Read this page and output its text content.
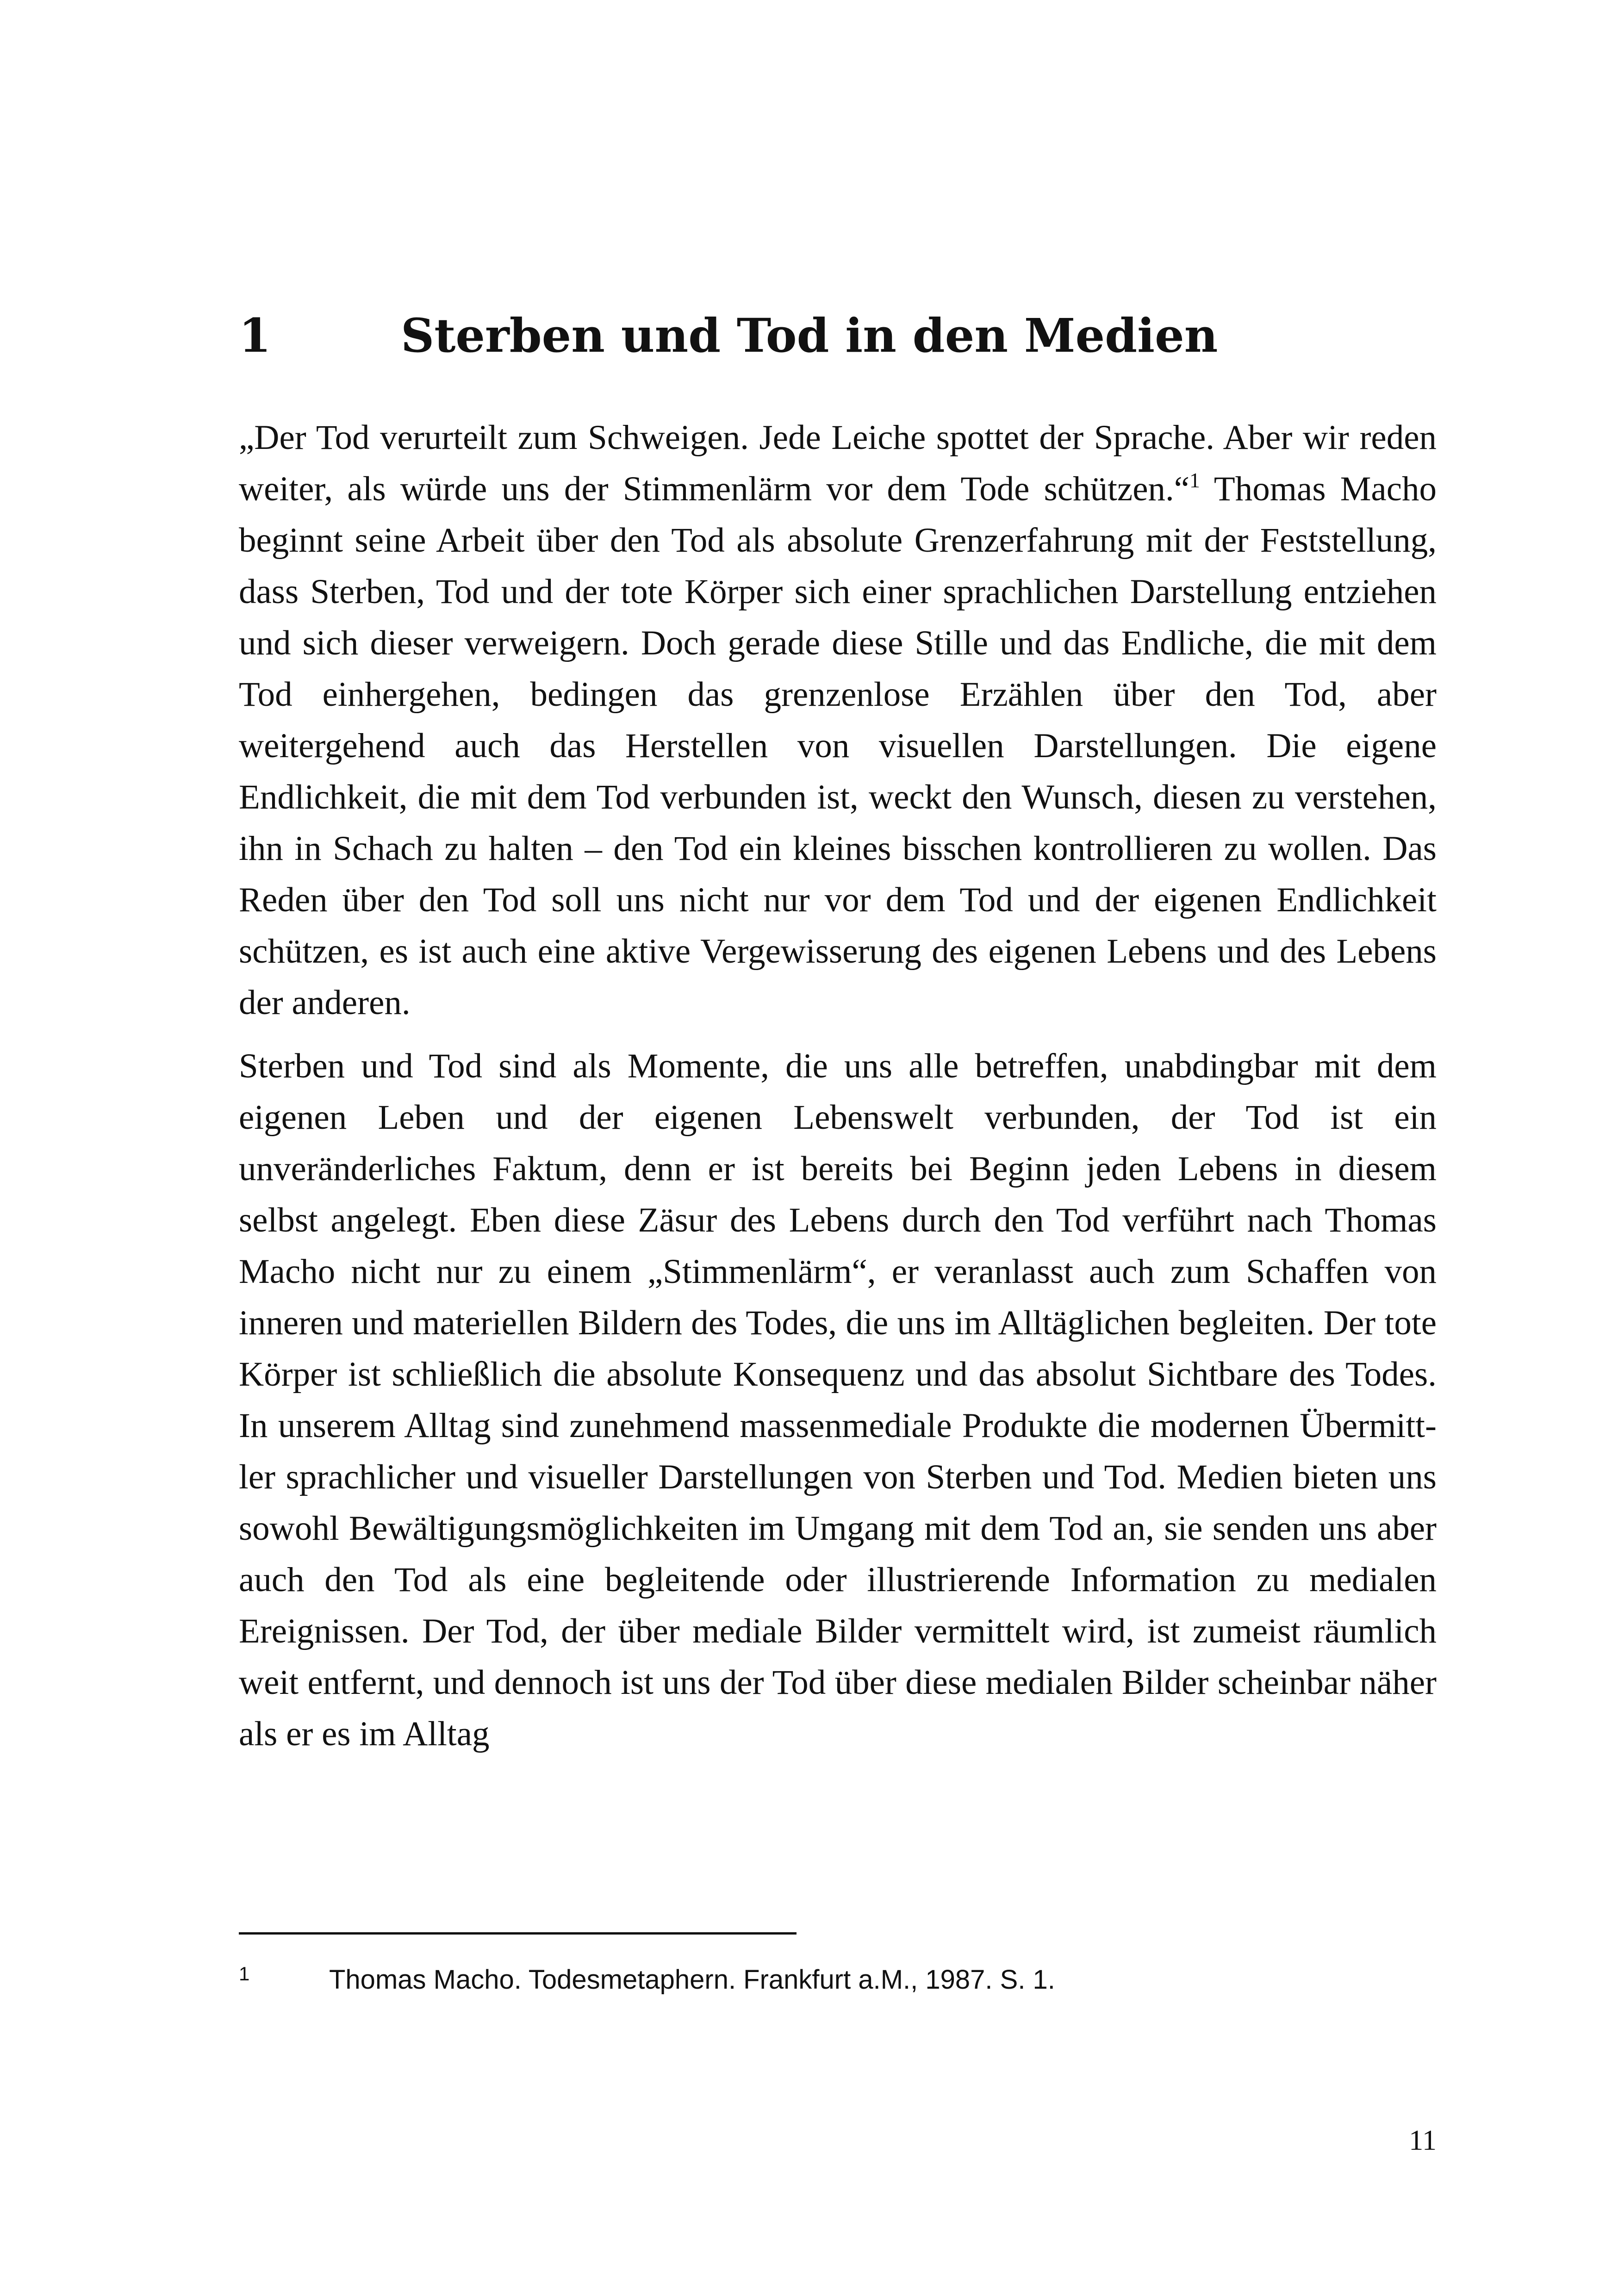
1	Sterben und Tod in den Medien

„Der Tod verurteilt zum Schweigen. Jede Leiche spottet der Sprache. Aber wir reden weiter, als würde uns der Stimmenlärm vor dem Tode schützen.“$^1$ Thomas Macho beginnt seine Arbeit über den Tod als absolute Grenzerfahrung mit der Feststellung, dass Sterben, Tod und der tote Körper sich einer sprachlichen Darstellung entziehen und sich dieser verweigern. Doch gerade diese Stille und das Endliche, die mit dem Tod einhergehen, bedingen das grenzenlose Erzählen über den Tod, aber weitergehend auch das Herstellen von visuellen Darstellungen. Die eigene Endlichkeit, die mit dem Tod verbunden ist, weckt den Wunsch, diesen zu verstehen, ihn in Schach zu halten – den Tod ein kleines bisschen kontrollieren zu wollen. Das Reden über den Tod soll uns nicht nur vor dem Tod und der eigenen Endlichkeit schützen, es ist auch eine aktive Vergewisserung des eigenen Lebens und des Lebens der anderen.

Sterben und Tod sind als Momente, die uns alle betreffen, unabdingbar mit dem eigenen Leben und der eigenen Lebenswelt verbunden, der Tod ist ein unveränderliches Faktum, denn er ist bereits bei Beginn jeden Lebens in diesem selbst angelegt. Eben diese Zäsur des Lebens durch den Tod verführt nach Thomas Macho nicht nur zu einem „Stimmenlärm“, er veranlasst auch zum Schaffen von inneren und materiellen Bildern des Todes, die uns im Alltäglichen begleiten. Der tote Körper ist schließlich die absolute Konsequenz und das absolut Sichtbare des Todes. In unserem Alltag sind zunehmend massenmediale Produkte die modernen Übermittler sprachlicher und visueller Darstellungen von Sterben und Tod. Medien bieten uns sowohl Bewältigungsmöglichkeiten im Umgang mit dem Tod an, sie senden uns aber auch den Tod als eine begleitende oder illustrierende Information zu medialen Ereignissen. Der Tod, der über mediale Bilder vermittelt wird, ist zumeist räumlich weit entfernt, und dennoch ist uns der Tod über diese medialen Bilder scheinbar näher als er es im Alltag

1	Thomas Macho. Todesmetaphern. Frankfurt a.M., 1987. S. 1.
11
